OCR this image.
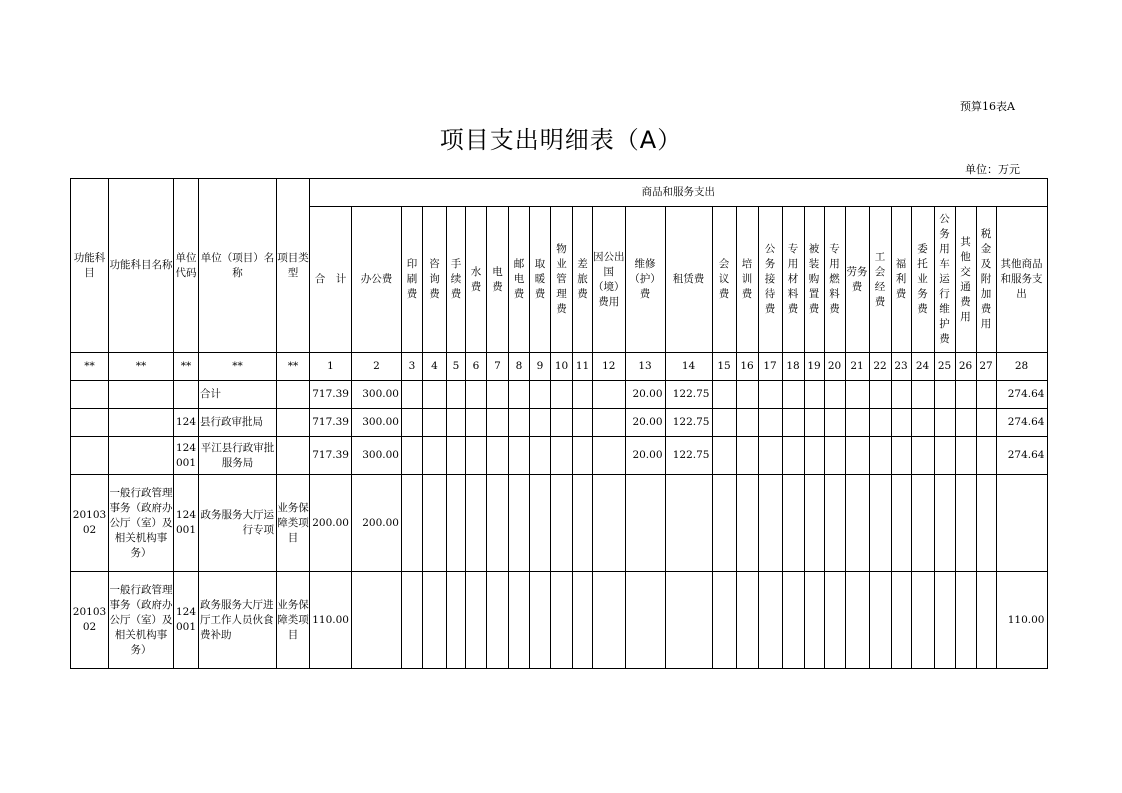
预算16表A
项目支出明细表（A）
单位：万元
功能科目	功能科目名称	单位代码	单位（项目）名称	项目类型	商品和服务支出																											
					合　计	办公费	印刷费	咨询费	手续费	水费	电费	邮电费	取暖费	物业管理费	差旅费	因公出国（境）费用	维修（护）费	租赁费	会议费	培训费	公务接待费	专用材料费	被装购置费	专用燃料费	劳务费	工会经费	福利费	委托业务费	公务用车运行维护费	其他交通费用	税金及附加费用	其他商品和服务支出
**	**	**	**	**	1	2	3	4	5	6	7	8	9	10	11	12	13	14	15	16	17	18	19	20	21	22	23	24	25	26	27	28
			合计		717.39	300.00											20.00	122.75														274.64
		124	县行政审批局		717.39	300.00											20.00	122.75														274.64
		124001	平江县行政审批服务局		717.39	300.00											20.00	122.75														274.64
2010302	一般行政管理事务（政府办公厅（室）及相关机构事务）	124001	政务服务大厅运行专项	业务保障类项目	200.00	200.00																										
2010302	一般行政管理事务（政府办公厅（室）及相关机构事务）	124001	政务服务大厅进厅工作人员伙食费补助	业务保障类项目	110.00																											110.00
